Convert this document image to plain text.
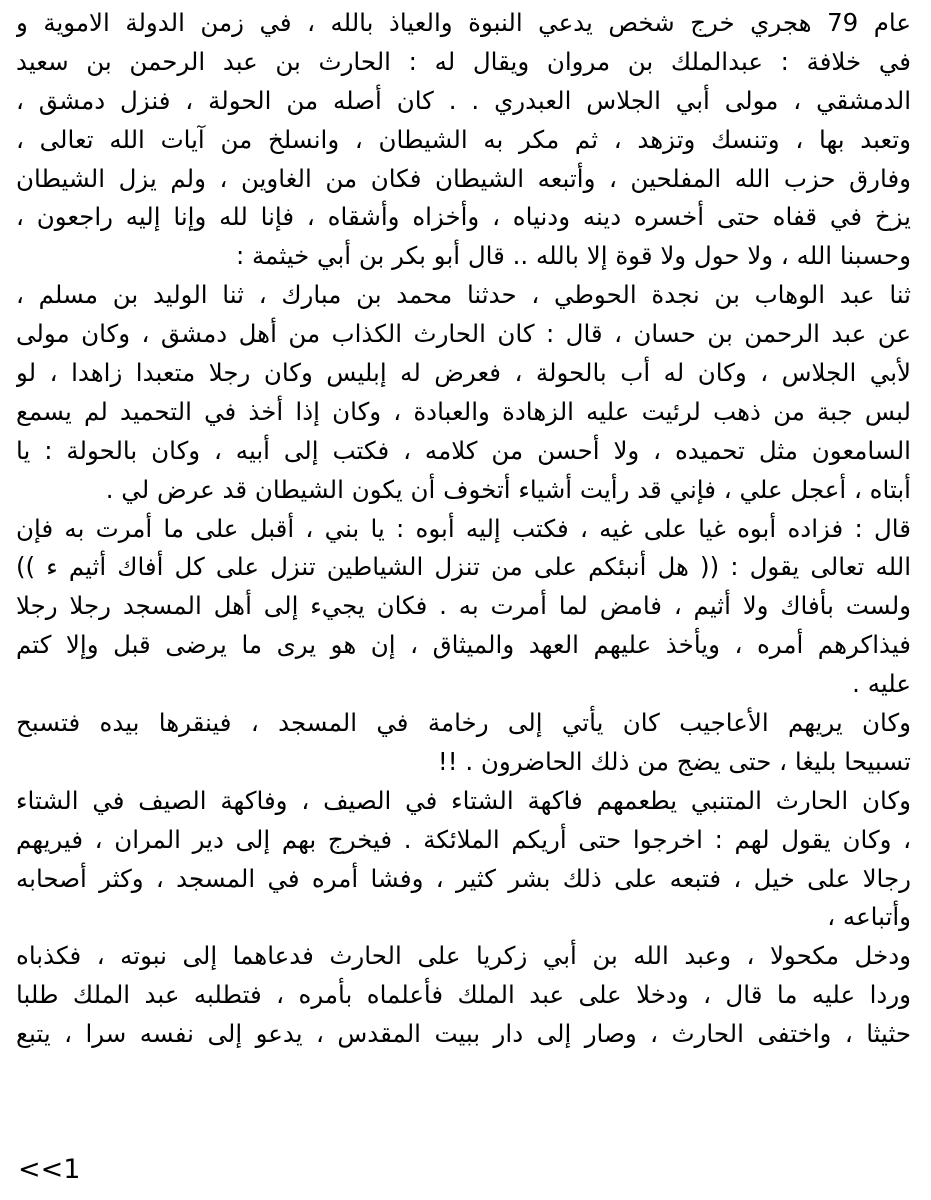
عام 79 هجري خرج شخص يدعي النبوة والعياذ بالله ، في زمن الدولة الاموية و
في خلافة : عبدالملك بن مروان ويقال له : الحارث بن عبد الرحمن بن سعيد
الدمشقي ، مولى أبي الجلاس العبدري . . كان أصله من الحولة ، فنزل دمشق ،
وتعبد بها ، وتنسك وتزهد ، ثم مكر به الشيطان ، وانسلخ من آيات الله تعالى ،
وفارق حزب الله المفلحين ، وأتبعه الشيطان فكان من الغاوين ، ولم يزل الشيطان
يزخ في قفاه حتى أخسره دينه ودنياه ، وأخزاه وأشقاه ، فإنا لله وإنا إليه راجعون ،
وحسبنا الله ، ولا حول ولا قوة إلا بالله .. قال أبو بكر بن أبي خيثمة :
ثنا عبد الوهاب بن نجدة الحوطي ، حدثنا محمد بن مبارك ، ثنا الوليد بن مسلم ،
عن عبد الرحمن بن حسان ، قال : كان الحارث الكذاب من أهل دمشق ، وكان مولى
لأبي الجلاس ، وكان له أب بالحولة ، فعرض له إبليس وكان رجلا متعبدا زاهدا ، لو
لبس جبة من ذهب لرئيت عليه الزهادة والعبادة ، وكان إذا أخذ في التحميد لم يسمع
السامعون مثل تحميده ، ولا أحسن من كلامه ، فكتب إلى أبيه ، وكان بالحولة : يا
أبتاه ، أعجل علي ، فإني قد رأيت أشياء أتخوف أن يكون الشيطان قد عرض لي .
قال : فزاده أبوه غيا على غيه ، فكتب إليه أبوه : يا بني ، أقبل على ما أمرت به فإن
الله تعالى يقول : (( هل أنبئكم على من تنزل الشياطين تنزل على كل أفاك أثيم ء ))
ولست بأفاك ولا أثيم ، فامض لما أمرت به . فكان يجيء إلى أهل المسجد رجلا رجلا
فيذاكرهم أمره ، ويأخذ عليهم العهد والميثاق ، إن هو يرى ما يرضى قبل وإلا كتم
عليه .
وكان يريهم الأعاجيب كان يأتي إلى رخامة في المسجد ، فينقرها بيده فتسبح
تسبيحا بليغا ، حتى يضج من ذلك الحاضرون . !!
وكان الحارث المتنبي يطعمهم فاكهة الشتاء في الصيف ، وفاكهة الصيف في الشتاء
، وكان يقول لهم : اخرجوا حتى أريكم الملائكة . فيخرج بهم إلى دير المران ، فيريهم
رجالا على خيل ، فتبعه على ذلك بشر كثير ، وفشا أمره في المسجد ، وكثر أصحابه
وأتباعه ،
ودخل مكحولا ، وعبد الله بن أبي زكريا على الحارث فدعاهما إلى نبوته ، فكذباه
وردا عليه ما قال ، ودخلا على عبد الملك فأعلماه بأمره ، فتطلبه عبد الملك طلبا
حثيثا ، واختفى الحارث ، وصار إلى دار ببيت المقدس ، يدعو إلى نفسه سرا ، يتبع
<<1
